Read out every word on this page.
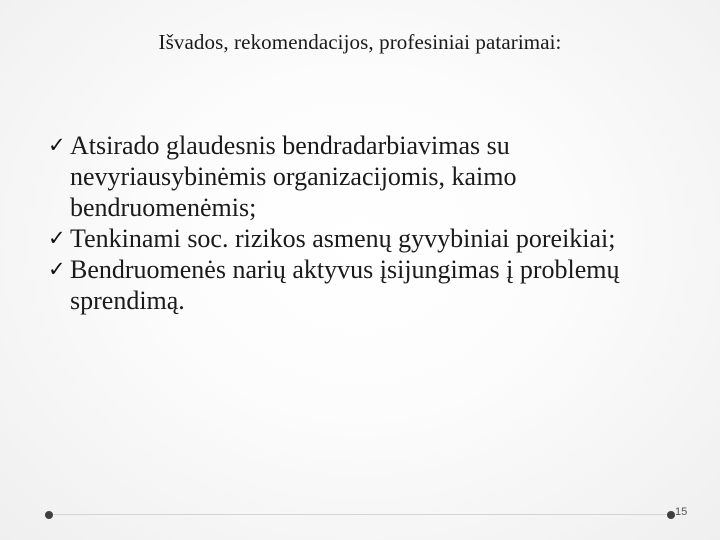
Išvados, rekomendacijos, profesiniai patarimai:
✓ Atsirado glaudesnis bendradarbiavimas su nevyriausybinėmis organizacijomis, kaimo bendruomenėmis;
✓ Tenkinami soc. rizikos asmenų gyvybiniai poreikiai;
✓ Bendruomenės narių aktyvus įsijungimas į problemų sprendimą.
15
